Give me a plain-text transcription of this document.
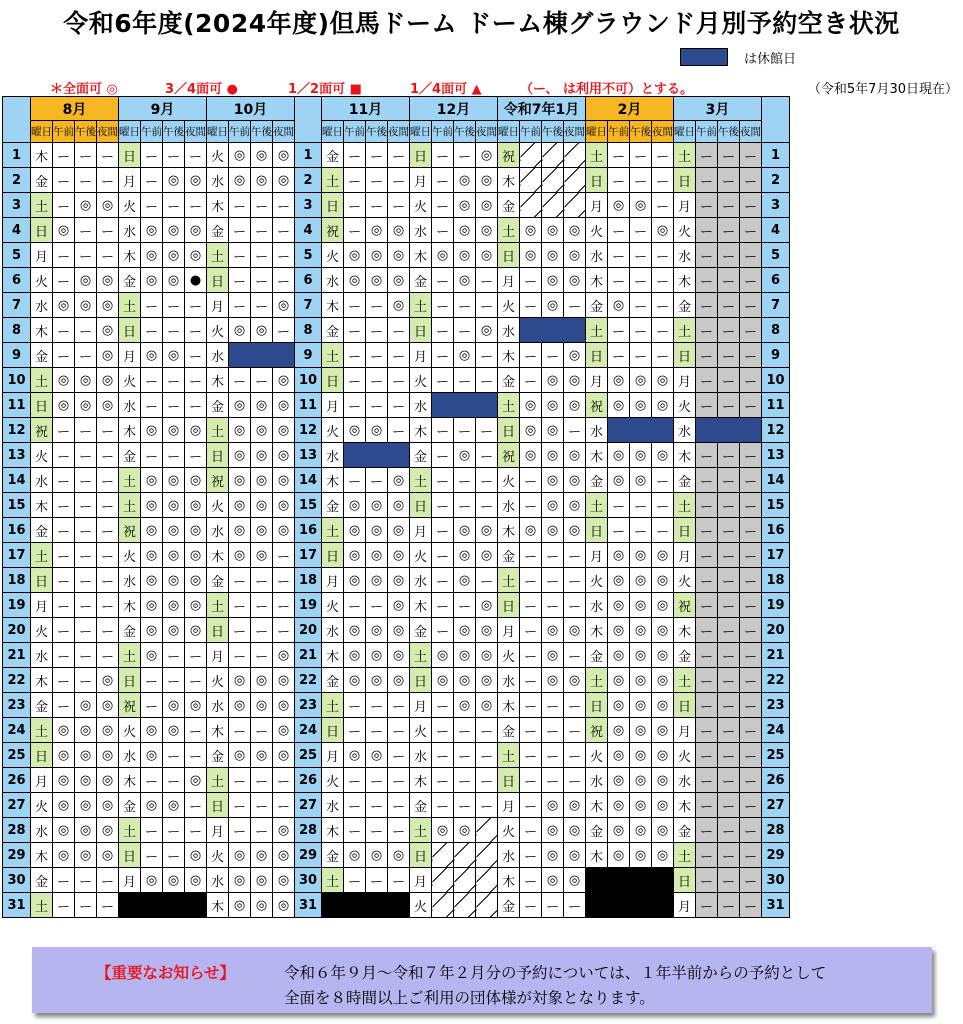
令和6年度(2024年度)但馬ドーム ドーム棟グラウンド月別予約空き状況
は休館日
＊全面可 ◎	3／4面可 ●	1／2面可 ■	1／4面可 ▲	（ー、 は利用不可）とする。	（令和5年7月30日現在）
	8月				9月				10月					11月				12月				令和7年1月				2月				3月				
	曜日	午前	午後	夜間	曜日	午前	午後	夜間	曜日	午前	午後	夜間		曜日	午前	午後	夜間	曜日	午前	午後	夜間	曜日	午前	午後	夜間	曜日	午前	午後	夜間	曜日	午前	午後	夜間	
1	木	ー	ー	ー	日	ー	ー	ー	火	◎	◎	◎	1	金	ー	ー	ー	日	ー	ー	◎	祝				土	ー	ー	ー	土	ー	ー	ー	1
2	金	ー	ー	ー	月	ー	◎	◎	水	◎	◎	◎	2	土	ー	ー	ー	月	ー	◎	◎	木				日	ー	ー	ー	日	ー	ー	ー	2
3	土	ー	◎	◎	火	ー	ー	ー	木	ー	ー	ー	3	日	ー	ー	ー	火	ー	◎	◎	金				月	◎	◎	ー	月	ー	ー	ー	3
4	日	◎	ー	ー	水	◎	◎	◎	金	ー	ー	ー	4	祝	ー	◎	◎	水	ー	◎	◎	土	◎	◎	◎	火	ー	ー	◎	火	ー	ー	ー	4
5	月	ー	ー	ー	木	◎	◎	◎	土	ー	ー	ー	5	火	◎	◎	◎	木	◎	◎	◎	日	◎	◎	◎	水	ー	ー	ー	水	ー	ー	ー	5
6	火	ー	◎	◎	金	◎	◎	●	日	ー	ー	ー	6	水	◎	◎	◎	金	ー	◎	ー	月	ー	◎	◎	木	ー	ー	ー	木	ー	ー	ー	6
7	水	◎	◎	◎	土	ー	ー	ー	月	ー	ー	◎	7	木	ー	ー	◎	土	ー	ー	ー	火	ー	◎	ー	金	◎	ー	ー	金	ー	ー	ー	7
8	木	ー	ー	◎	日	ー	ー	ー	火	◎	◎	ー	8	金	ー	ー	ー	日	ー	ー	◎	水				土	ー	ー	ー	土	ー	ー	ー	8
9	金	ー	ー	◎	月	◎	◎	ー	水				9	土	ー	ー	ー	月	ー	◎	ー	木	ー	ー	◎	日	ー	ー	ー	日	ー	ー	ー	9
10	土	◎	◎	◎	火	ー	ー	ー	木	ー	ー	◎	10	日	ー	ー	ー	火	ー	ー	ー	金	ー	◎	◎	月	◎	◎	◎	月	ー	ー	ー	10
11	日	◎	◎	◎	水	ー	ー	ー	金	◎	◎	◎	11	月	ー	ー	ー	水				土	◎	◎	◎	祝	◎	◎	◎	火	ー	ー	ー	11
12	祝	ー	ー	ー	木	◎	◎	◎	土	◎	◎	◎	12	火	◎	◎	ー	木	ー	ー	ー	日	◎	◎	ー	水				水				12
13	火	ー	ー	ー	金	ー	ー	ー	日	◎	◎	◎	13	水				金	ー	◎	ー	祝	◎	◎	◎	木	◎	◎	◎	木	ー	ー	ー	13
14	水	ー	ー	ー	土	◎	◎	◎	祝	◎	◎	◎	14	木	ー	ー	◎	土	ー	ー	ー	火	ー	◎	◎	金	◎	◎	ー	金	ー	ー	ー	14
15	木	ー	ー	ー	土	◎	◎	◎	火	◎	◎	◎	15	金	◎	◎	◎	日	ー	ー	ー	水	ー	◎	◎	土	ー	ー	ー	土	ー	ー	ー	15
16	金	ー	ー	ー	祝	◎	◎	◎	水	◎	◎	◎	16	土	◎	◎	◎	月	ー	◎	◎	木	◎	◎	◎	日	ー	ー	ー	日	ー	ー	ー	16
17	土	ー	ー	ー	火	◎	◎	◎	木	◎	◎	ー	17	日	◎	◎	◎	火	ー	◎	◎	金	ー	ー	ー	月	◎	◎	◎	月	ー	ー	ー	17
18	日	ー	ー	ー	水	◎	◎	◎	金	ー	ー	ー	18	月	◎	◎	◎	水	ー	◎	ー	土	ー	ー	ー	火	◎	◎	◎	火	ー	ー	ー	18
19	月	ー	ー	ー	木	◎	◎	◎	土	ー	ー	ー	19	火	ー	ー	◎	木	ー	ー	◎	日	ー	ー	ー	水	◎	◎	◎	祝	ー	ー	ー	19
20	火	ー	ー	ー	金	◎	◎	◎	日	ー	ー	ー	20	水	◎	◎	◎	金	ー	◎	◎	月	ー	◎	◎	木	◎	◎	◎	木	ー	ー	ー	20
21	水	ー	ー	ー	土	◎	ー	ー	月	ー	ー	◎	21	木	◎	◎	◎	土	◎	◎	◎	火	ー	◎	ー	金	◎	◎	◎	金	ー	ー	ー	21
22	木	ー	ー	◎	日	ー	ー	ー	火	◎	◎	◎	22	金	◎	◎	◎	日	◎	◎	◎	水	ー	◎	◎	土	◎	◎	◎	土	ー	ー	ー	22
23	金	ー	◎	◎	祝	ー	◎	◎	水	◎	◎	◎	23	土	ー	ー	ー	月	ー	◎	◎	木	ー	ー	ー	日	◎	◎	◎	日	ー	ー	ー	23
24	土	◎	◎	◎	火	◎	◎	ー	木	ー	ー	◎	24	日	ー	ー	ー	火	ー	ー	ー	金	ー	ー	ー	祝	◎	◎	◎	月	ー	ー	ー	24
25	日	◎	◎	◎	水	◎	ー	ー	金	◎	◎	◎	25	月	◎	◎	ー	水	ー	ー	ー	土	ー	ー	ー	火	◎	◎	◎	火	ー	ー	ー	25
26	月	◎	◎	◎	木	ー	ー	◎	土	ー	ー	ー	26	火	ー	ー	ー	木	ー	ー	ー	日	ー	ー	ー	水	◎	◎	◎	水	ー	ー	ー	26
27	火	◎	◎	◎	金	◎	◎	ー	日	ー	ー	ー	27	水	ー	ー	ー	金	ー	ー	ー	月	ー	◎	◎	木	◎	◎	◎	木	ー	ー	ー	27
28	水	◎	◎	◎	土	ー	ー	ー	月	ー	ー	◎	28	木	ー	ー	ー	土	◎	◎		火	ー	◎	◎	金	◎	◎	◎	金	ー	ー	ー	28
29	木	◎	◎	◎	日	ー	ー	◎	火	◎	◎	◎	29	金	◎	◎	◎	日				水	ー	◎	◎	木	◎	◎	◎	土	ー	ー	ー	29
30	金	ー	ー	ー	月	◎	◎	◎	水	◎	◎	◎	30	土	ー	ー	ー	月				木	ー	◎	◎					日	ー	ー	ー	30
31	土	ー	ー	ー					木	◎	◎	◎	31					火				金	ー	ー	ー					月	ー	ー	ー	31
【重要なお知らせ】	令和６年９月～令和７年２月分の予約については、１年半前からの予約として
全面を８時間以上ご利用の団体様が対象となります。
